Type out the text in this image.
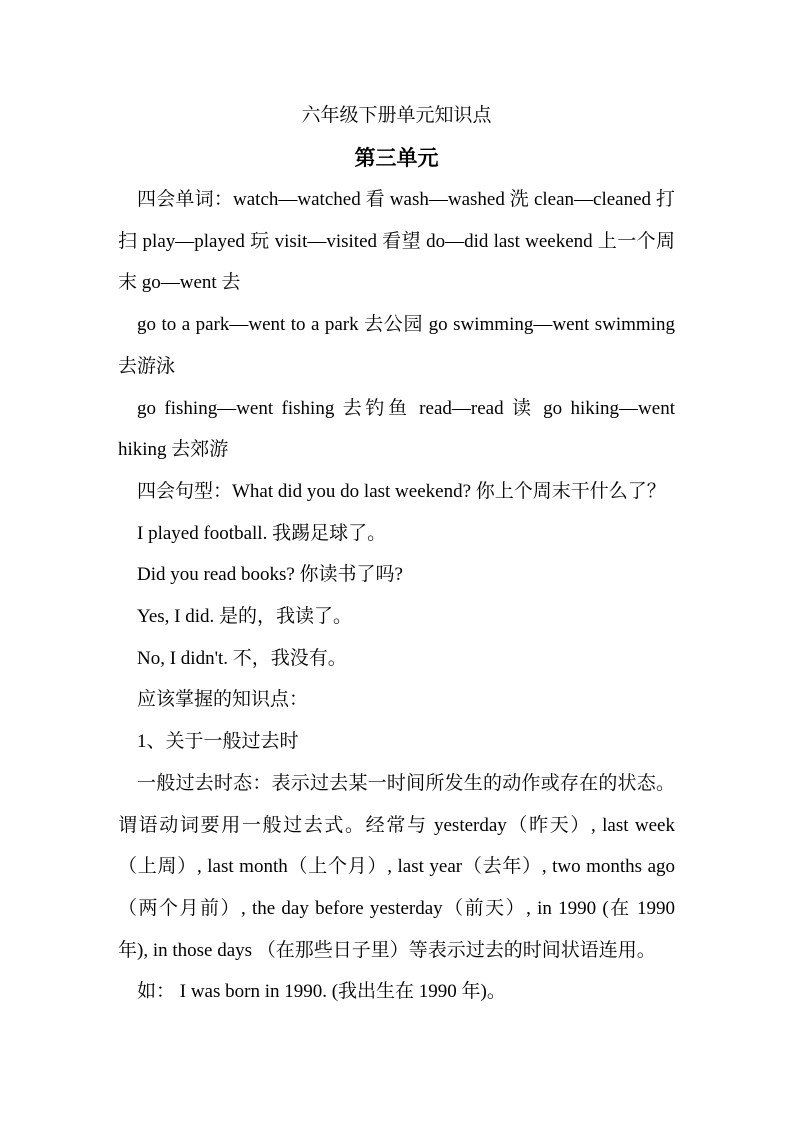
六年级下册单元知识点
第三单元

四会单词：watch—watched 看 wash—washed 洗 clean—cleaned 打扫 play—played 玩 visit—visited 看望 do—did last weekend 上一个周末 go—went 去

go to a park—went to a park 去公园 go swimming—went swimming 去游泳

go fishing—went fishing 去钓鱼 read—read 读 go hiking—went hiking 去郊游

四会句型：What did you do last weekend? 你上个周末干什么了？

I played football. 我踢足球了。

Did you read books? 你读书了吗?

Yes, I did. 是的，我读了。

No, I didn't. 不，我没有。

应该掌握的知识点：

1、关于一般过去时

一般过去时态：表示过去某一时间所发生的动作或存在的状态。谓语动词要用一般过去式。经常与 yesterday（昨天）, last week（上周）, last month（上个月）, last year（去年）, two months ago（两个月前）, the day before yesterday（前天）, in 1990 (在 1990 年), in those days （在那些日子里）等表示过去的时间状语连用。

如： I was born in 1990. (我出生在 1990 年)。
